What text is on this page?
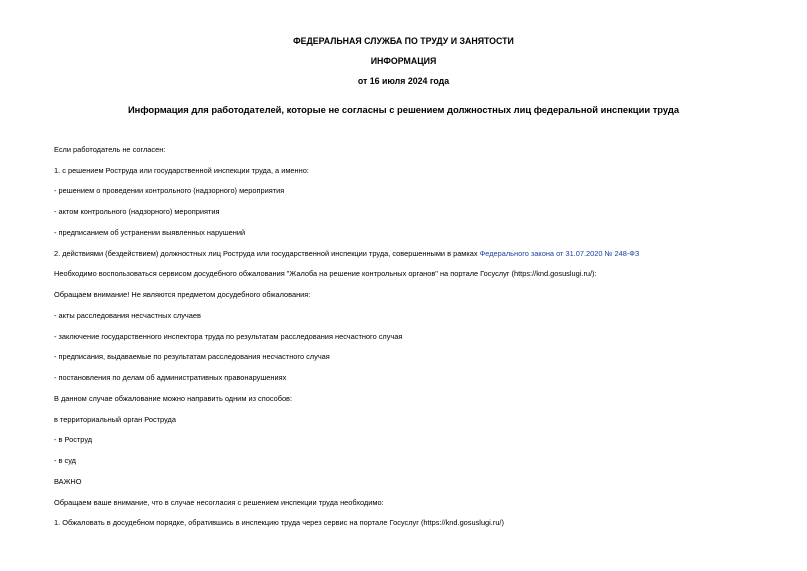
ФЕДЕРАЛЬНАЯ СЛУЖБА ПО ТРУДУ И ЗАНЯТОСТИ
ИНФОРМАЦИЯ
от 16 июля 2024 года
Информация для работодателей, которые не согласны с решением должностных лиц федеральной инспекции труда
Если работодатель не согласен:
1. с решением Роструда или государственной инспекции труда, а именно:
- решением о проведении контрольного (надзорного) мероприятия
- актом контрольного (надзорного) мероприятия
- предписанием об устранении выявленных нарушений
2. действиями (бездействием) должностных лиц Роструда или государственной инспекции труда, совершенными в рамках Федерального закона от 31.07.2020 № 248-ФЗ
Необходимо воспользоваться сервисом досудебного обжалования "Жалоба на решение контрольных органов" на портале Госуслуг (https://knd.gosuslugi.ru/):
Обращаем внимание! Не являются предметом досудебного обжалования:
- акты расследования несчастных случаев
- заключение государственного инспектора труда по результатам расследования несчастного случая
- предписания, выдаваемые по результатам расследования несчастного случая
- постановления по делам об административных правонарушениях
В данном случае обжалование можно направить одним из способов:
в территориальный орган Роструда
- в Роструд
- в суд
ВАЖНО
Обращаем ваше внимание, что в случае несогласия с решением инспекции труда необходимо:
1. Обжаловать в досудебном порядке, обратившись в инспекцию труда через сервис на портале Госуслуг (https://knd.gosuslugi.ru/)
